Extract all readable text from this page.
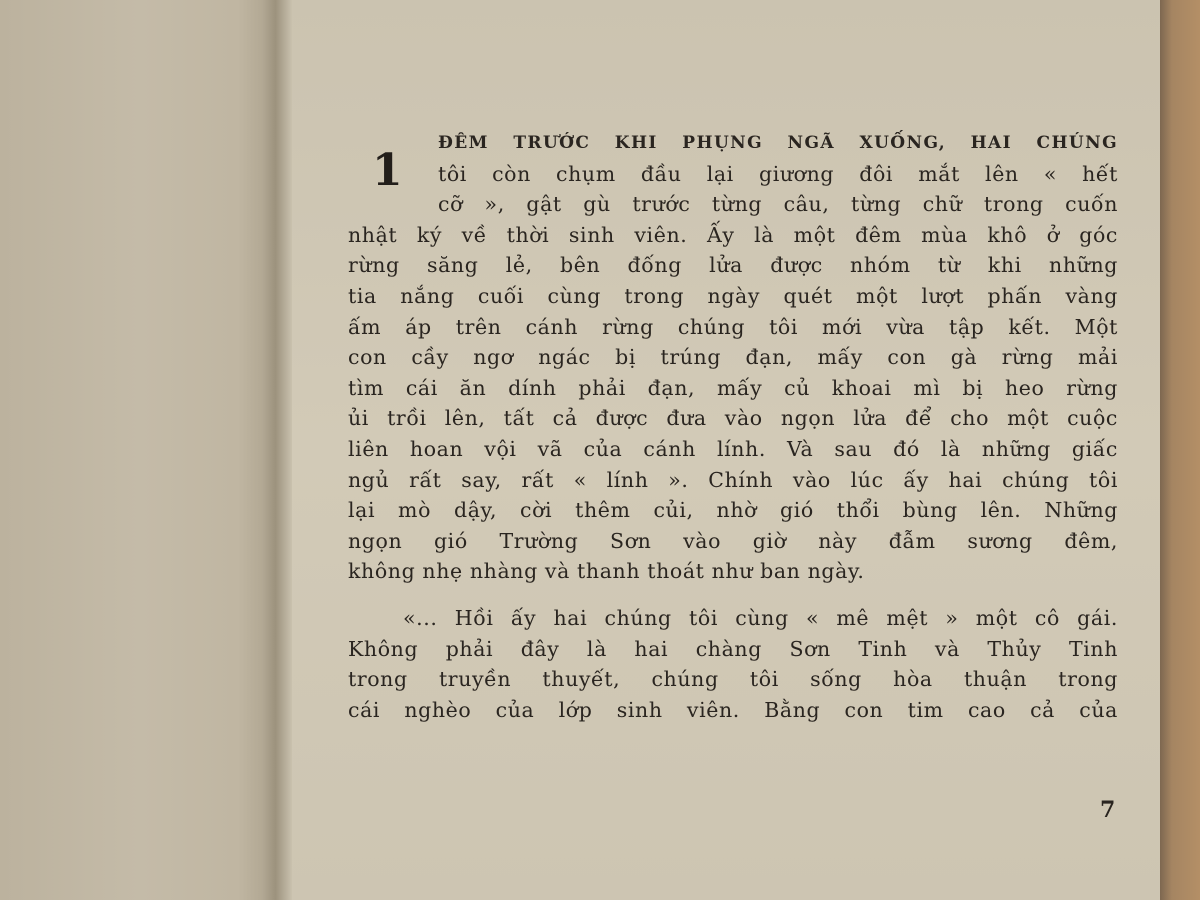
1
ĐÊM TRƯỚC KHI PHỤNG NGÃ XUỐNG, HAI CHÚNG
tôi còn chụm đầu lại giương đôi mắt lên « hết
cỡ », gật gù trước từng câu, từng chữ trong cuốn
nhật ký về thời sinh viên. Ấy là một đêm mùa khô ở góc
rừng săng lẻ, bên đống lửa được nhóm từ khi những
tia nắng cuối cùng trong ngày quét một lượt phấn vàng
ấm áp trên cánh rừng chúng tôi mới vừa tập kết. Một
con cầy ngơ ngác bị trúng đạn, mấy con gà rừng mải
tìm cái ăn dính phải đạn, mấy củ khoai mì bị heo rừng
ủi trồi lên, tất cả được đưa vào ngọn lửa để cho một cuộc
liên hoan vội vã của cánh lính. Và sau đó là những giấc
ngủ rất say, rất « lính ». Chính vào lúc ấy hai chúng tôi
lại mò dậy, cời thêm củi, nhờ gió thổi bùng lên. Những
ngọn gió Trường Sơn vào giờ này đẫm sương đêm,
không nhẹ nhàng và thanh thoát như ban ngày.
«... Hồi ấy hai chúng tôi cùng « mê mệt » một cô gái.
Không phải đây là hai chàng Sơn Tinh và Thủy Tinh
trong truyền thuyết, chúng tôi sống hòa thuận trong
cái nghèo của lớp sinh viên. Bằng con tim cao cả của
7
